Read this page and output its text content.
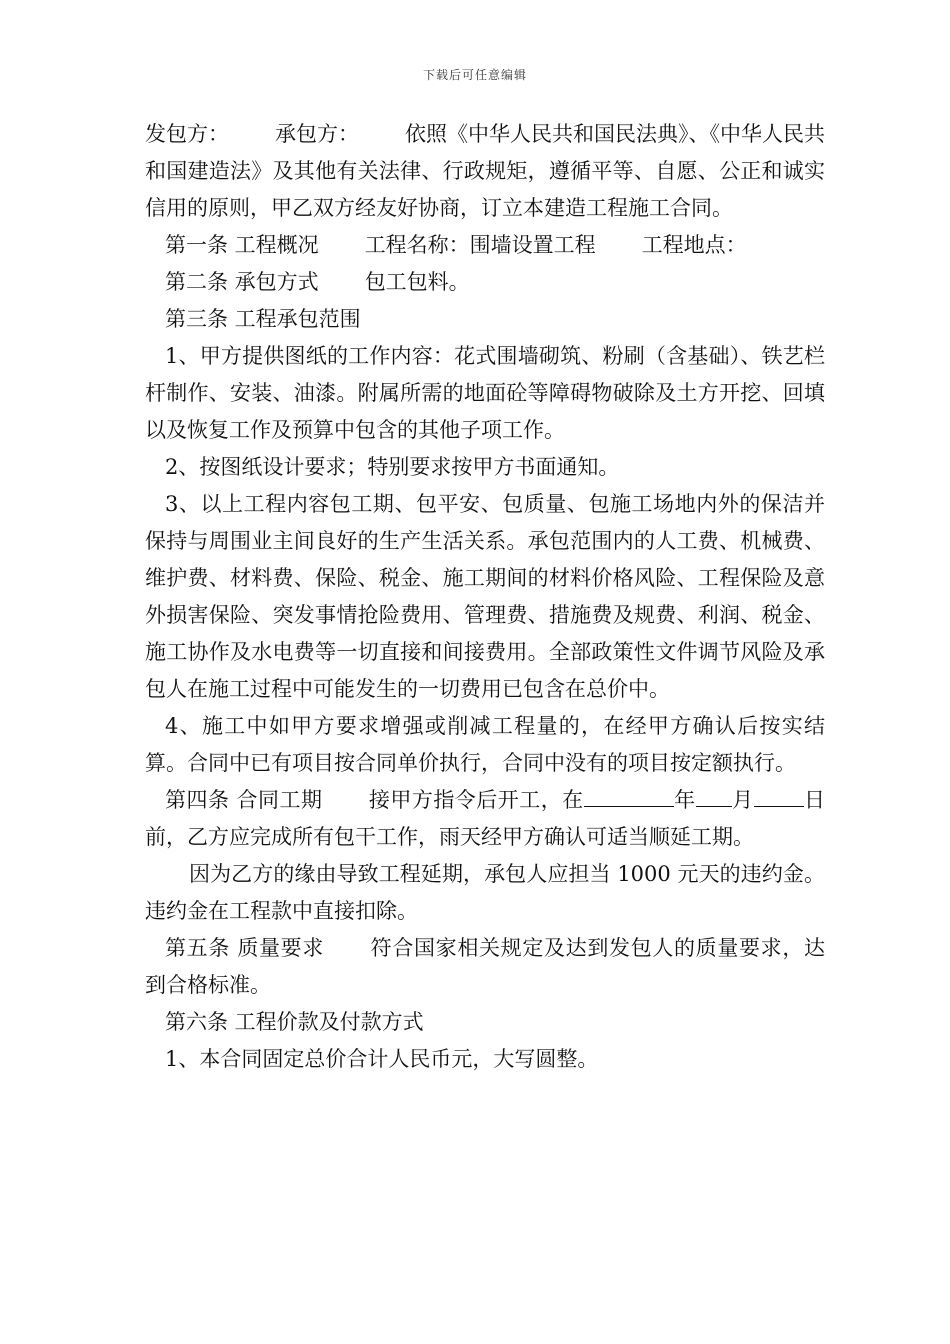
下载后可任意编辑

发包方： 承包方： 依照《中华人民共和国民法典》、《中华人民共和国建造法》及其他有关法律、行政规矩，遵循平等、自愿、公正和诚实信用的原则，甲乙双方经友好协商，订立本建造工程施工合同。

第一条 工程概况 工程名称：围墙设置工程 工程地点：

第二条 承包方式 包工包料。

第三条 工程承包范围

1、甲方提供图纸的工作内容：花式围墙砌筑、粉刷（含基础）、铁艺栏杆制作、安装、油漆。附属所需的地面砼等障碍物破除及土方开挖、回填以及恢复工作及预算中包含的其他子项工作。

2、按图纸设计要求；特别要求按甲方书面通知。

3、以上工程内容包工期、包平安、包质量、包施工场地内外的保洁并保持与周围业主间良好的生产生活关系。承包范围内的人工费、机械费、维护费、材料费、保险、税金、施工期间的材料价格风险、工程保险及意外损害保险、突发事情抢险费用、管理费、措施费及规费、利润、税金、施工协作及水电费等一切直接和间接费用。全部政策性文件调节风险及承包人在施工过程中可能发生的一切费用已包含在总价中。

4、施工中如甲方要求增强或削减工程量的，在经甲方确认后按实结算。合同中已有项目按合同单价执行，合同中没有的项目按定额执行。

第四条 合同工期 接甲方指令后开工，在	年 月 日前，乙方应完成所有包干工作，雨天经甲方确认可适当顺延工期。

因为乙方的缘由导致工程延期，承包人应担当 1000 元天的违约金。违约金在工程款中直接扣除。

第五条 质量要求 符合国家相关规定及达到发包人的质量要求，达到合格标准。

第六条 工程价款及付款方式

1、本合同固定总价合计人民币元，大写圆整。
